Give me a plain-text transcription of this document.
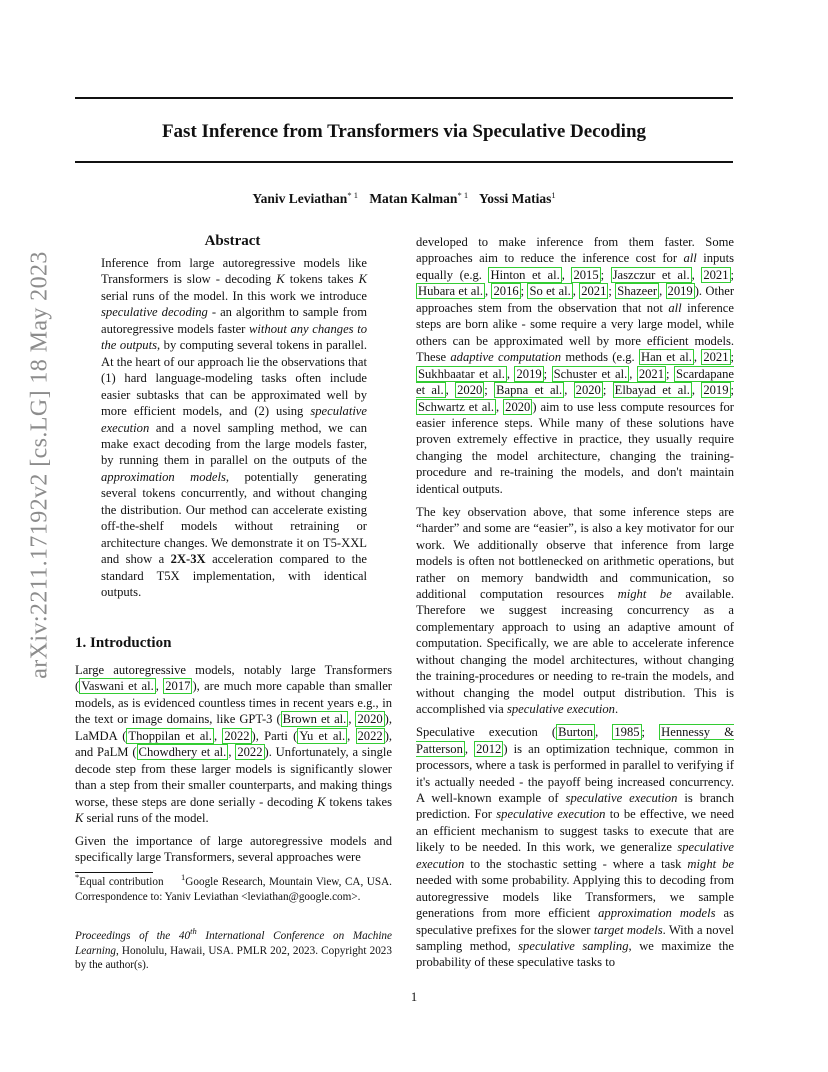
Fast Inference from Transformers via Speculative Decoding
Yaniv Leviathan$^{* 1}$ Matan Kalman$^{* 1}$ Yossi Matias$^1$
arXiv:2211.17192v2 [cs.LG] 18 May 2023
Abstract
Inference from large autoregressive models like Transformers is slow - decoding K tokens takes K serial runs of the model. In this work we introduce speculative decoding - an algorithm to sample from autoregressive models faster without any changes to the outputs, by computing several tokens in parallel. At the heart of our approach lie the observations that (1) hard language-modeling tasks often include easier subtasks that can be approximated well by more efficient models, and (2) using speculative execution and a novel sampling method, we can make exact decoding from the large models faster, by running them in parallel on the outputs of the approximation models, potentially generating several tokens concurrently, and without changing the distribution. Our method can accelerate existing off-the-shelf models without retraining or architecture changes. We demonstrate it on T5-XXL and show a 2X-3X acceleration compared to the standard T5X implementation, with identical outputs.
1. Introduction

Large autoregressive models, notably large Transformers ( Vaswani et al. , 2017 ), are much more capable than smaller models, as is evidenced countless times in recent years e.g., in the text or image domains, like GPT-3 ( Brown et al. , 2020 ), LaMDA ( Thoppilan et al. , 2022 ), Parti ( Yu et al. , 2022 ), and PaLM ( Chowdhery et al. , 2022 ). Unfortunately, a single decode step from these larger models is significantly slower than a step from their smaller counterparts, and making things worse, these steps are done serially - decoding K tokens takes K serial runs of the model.

Given the importance of large autoregressive models and specifically large Transformers, several approaches were

*Equal contribution     $^1$Google Research, Mountain View, CA, USA. Correspondence to: Yaniv Leviathan <leviathan@google.com>.
Proceedings of the 40th International Conference on Machine Learning, Honolulu, Hawaii, USA. PMLR 202, 2023. Copyright 2023 by the author(s).

developed to make inference from them faster. Some approaches aim to reduce the inference cost for all inputs equally (e.g. Hinton et al. , 2015 ; Jaszczur et al. , 2021 ; Hubara et al. , 2016 ; So et al. , 2021 ; Shazeer , 2019 ). Other approaches stem from the observation that not all inference steps are born alike - some require a very large model, while others can be approximated well by more efficient models. These adaptive computation methods (e.g. Han et al. , 2021 ; Sukhbaatar et al. , 2019 ; Schuster et al. , 2021 ; Scardapane et al. , 2020 ; Bapna et al. , 2020 ; Elbayad et al. , 2019 ; Schwartz et al. , 2020 ) aim to use less compute resources for easier inference steps. While many of these solutions have proven extremely effective in practice, they usually require changing the model architecture, changing the training-procedure and re-training the models, and don't maintain identical outputs.

The key observation above, that some inference steps are “harder” and some are “easier”, is also a key motivator for our work. We additionally observe that inference from large models is often not bottlenecked on arithmetic operations, but rather on memory bandwidth and communication, so additional computation resources might be available. Therefore we suggest increasing concurrency as a complementary approach to using an adaptive amount of computation. Specifically, we are able to accelerate inference without changing the model architectures, without changing the training-procedures or needing to re-train the models, and without changing the model output distribution. This is accomplished via speculative execution.

Speculative execution ( Burton , 1985 ; Hennessy & Patterson , 2012 ) is an optimization technique, common in processors, where a task is performed in parallel to verifying if it's actually needed - the payoff being increased concurrency. A well-known example of speculative execution is branch prediction. For speculative execution to be effective, we need an efficient mechanism to suggest tasks to execute that are likely to be needed. In this work, we generalize speculative execution to the stochastic setting - where a task might be needed with some probability. Applying this to decoding from autoregressive models like Transformers, we sample generations from more efficient approximation models as speculative prefixes for the slower target models. With a novel sampling method, speculative sampling, we maximize the probability of these speculative tasks to

1
